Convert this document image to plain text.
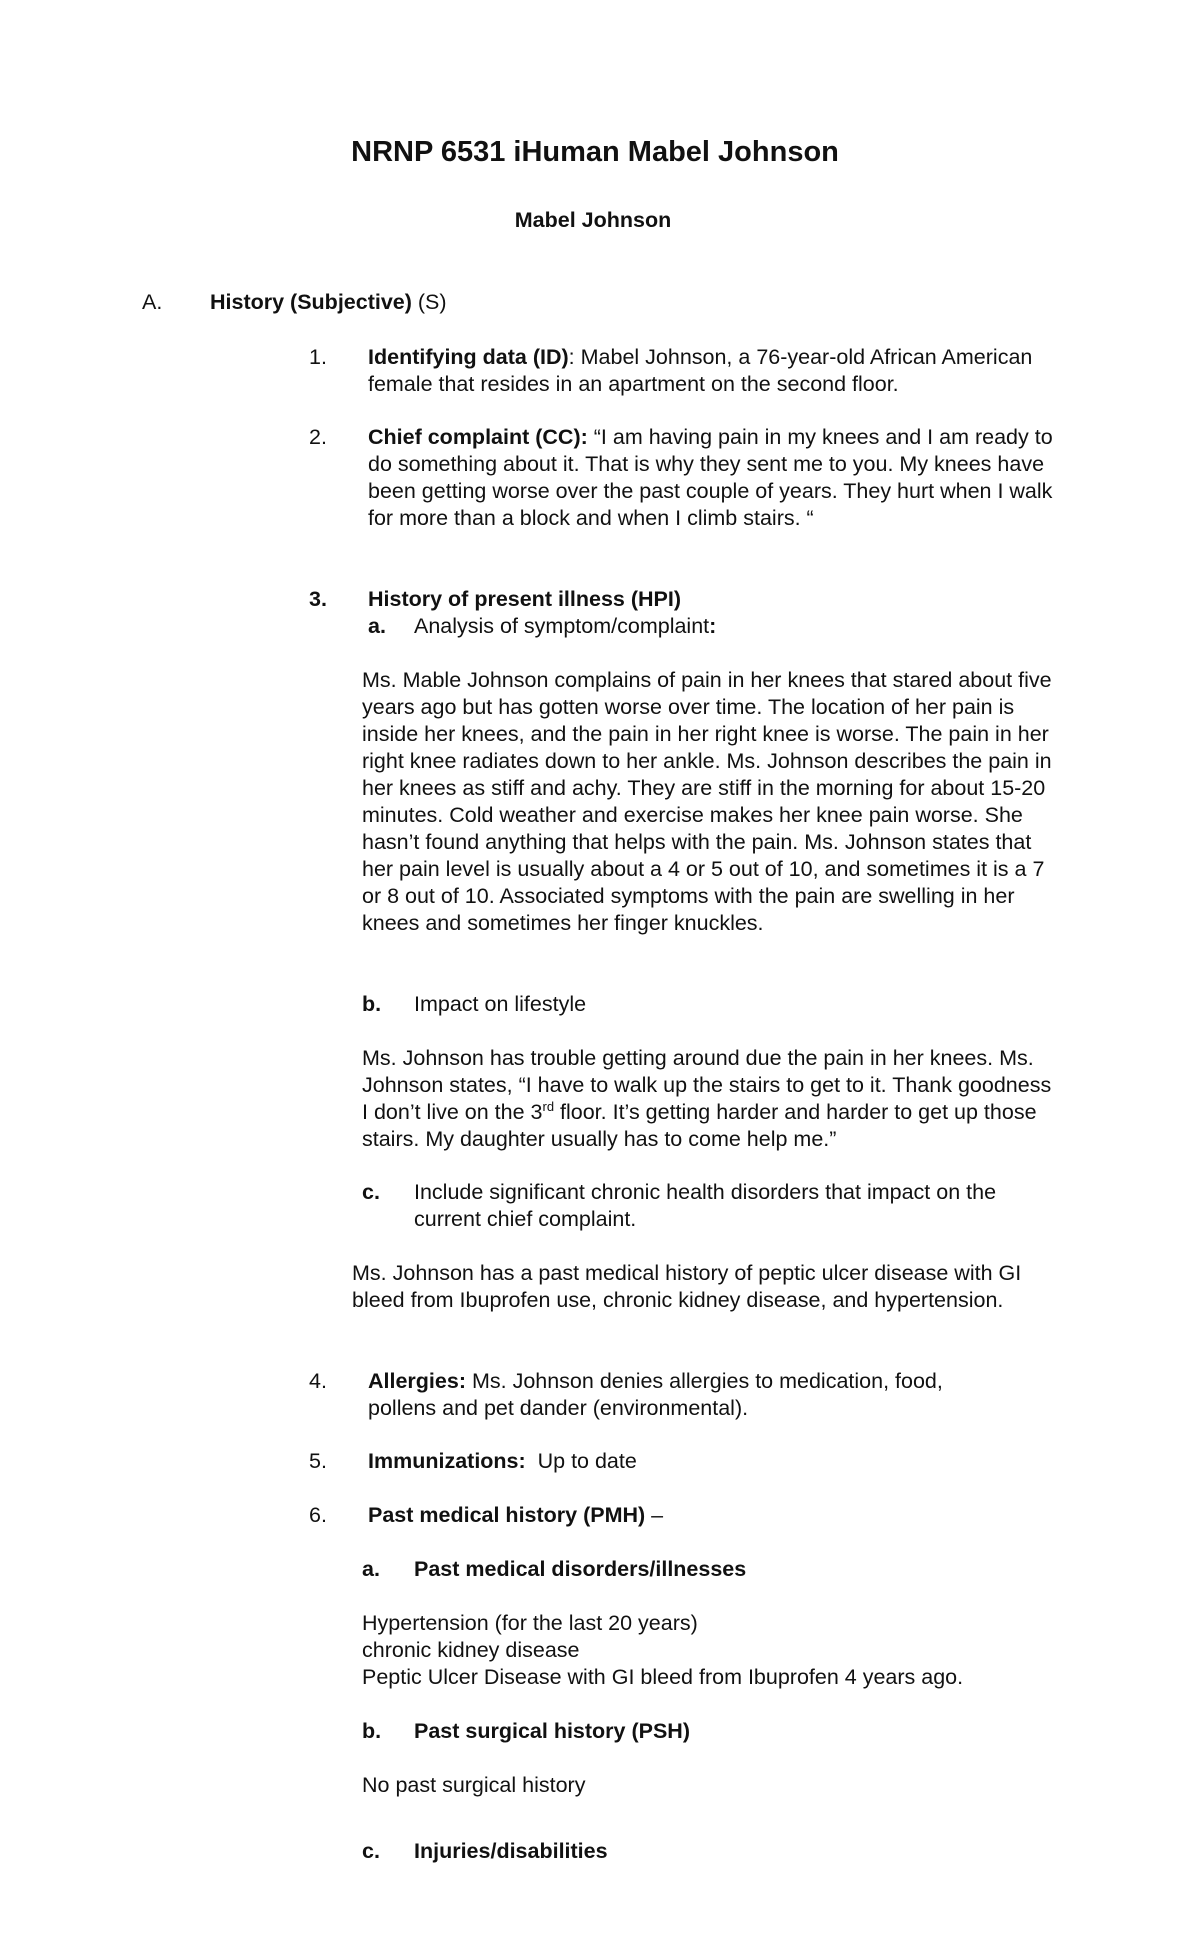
NRNP 6531 iHuman Mabel Johnson
Mabel Johnson
A. History (Subjective) (S)
1. Identifying data (ID): Mabel Johnson, a 76-year-old African American female that resides in an apartment on the second floor.
2. Chief complaint (CC): “I am having pain in my knees and I am ready to do something about it. That is why they sent me to you. My knees have been getting worse over the past couple of years. They hurt when I walk for more than a block and when I climb stairs. “
3. History of present illness (HPI)
a. Analysis of symptom/complaint:
Ms. Mable Johnson complains of pain in her knees that stared about five years ago but has gotten worse over time. The location of her pain is inside her knees, and the pain in her right knee is worse. The pain in her right knee radiates down to her ankle. Ms. Johnson describes the pain in her knees as stiff and achy. They are stiff in the morning for about 15-20 minutes. Cold weather and exercise makes her knee pain worse. She hasn’t found anything that helps with the pain. Ms. Johnson states that her pain level is usually about a 4 or 5 out of 10, and sometimes it is a 7 or 8 out of 10. Associated symptoms with the pain are swelling in her knees and sometimes her finger knuckles.
b. Impact on lifestyle
Ms. Johnson has trouble getting around due the pain in her knees. Ms. Johnson states, “I have to walk up the stairs to get to it. Thank goodness I don’t live on the 3rd floor. It’s getting harder and harder to get up those stairs. My daughter usually has to come help me.”
c. Include significant chronic health disorders that impact on the current chief complaint.
Ms. Johnson has a past medical history of peptic ulcer disease with GI bleed from Ibuprofen use, chronic kidney disease, and hypertension.
4. Allergies: Ms. Johnson denies allergies to medication, food, pollens and pet dander (environmental).
5. Immunizations:  Up to date
6. Past medical history (PMH) –
a. Past medical disorders/illnesses
Hypertension (for the last 20 years)
chronic kidney disease
Peptic Ulcer Disease with GI bleed from Ibuprofen 4 years ago.
b. Past surgical history (PSH)
No past surgical history
c. Injuries/disabilities
